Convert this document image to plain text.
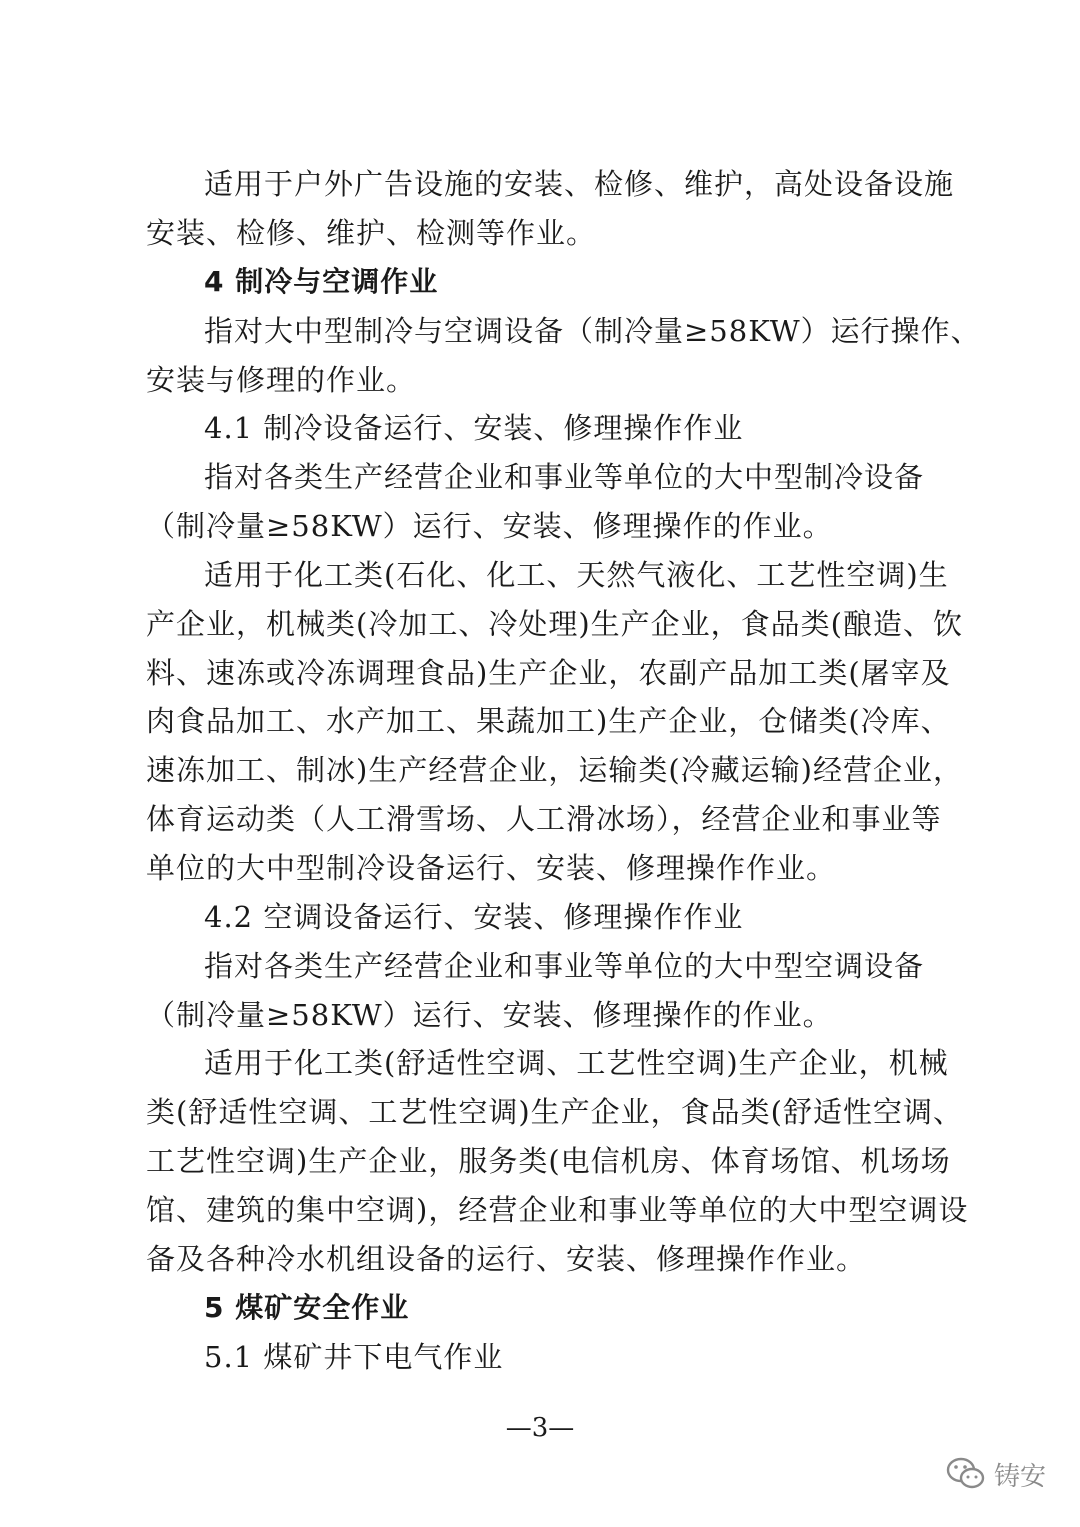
适用于户外广告设施的安装、检修、维护，高处设备设施
安装、检修、维护、检测等作业。
4 制冷与空调作业
指对大中型制冷与空调设备（制冷量≥58KW）运行操作、
安装与修理的作业。
4.1 制冷设备运行、安装、修理操作作业
指对各类生产经营企业和事业等单位的大中型制冷设备
（制冷量≥58KW）运行、安装、修理操作的作业。
适用于化工类(石化、化工、天然气液化、工艺性空调)生
产企业，机械类(冷加工、冷处理)生产企业，食品类(酿造、饮
料、速冻或冷冻调理食品)生产企业，农副产品加工类(屠宰及
肉食品加工、水产加工、果蔬加工)生产企业，仓储类(冷库、
速冻加工、制冰)生产经营企业，运输类(冷藏运输)经营企业，
体育运动类（人工滑雪场、人工滑冰场），经营企业和事业等
单位的大中型制冷设备运行、安装、修理操作作业。
4.2 空调设备运行、安装、修理操作作业
指对各类生产经营企业和事业等单位的大中型空调设备
（制冷量≥58KW）运行、安装、修理操作的作业。
适用于化工类(舒适性空调、工艺性空调)生产企业，机械
类(舒适性空调、工艺性空调)生产企业，食品类(舒适性空调、
工艺性空调)生产企业，服务类(电信机房、体育场馆、机场场
馆、建筑的集中空调)，经营企业和事业等单位的大中型空调设
备及各种冷水机组设备的运行、安装、修理操作作业。
5 煤矿安全作业
5.1 煤矿井下电气作业
—3—
铸安
